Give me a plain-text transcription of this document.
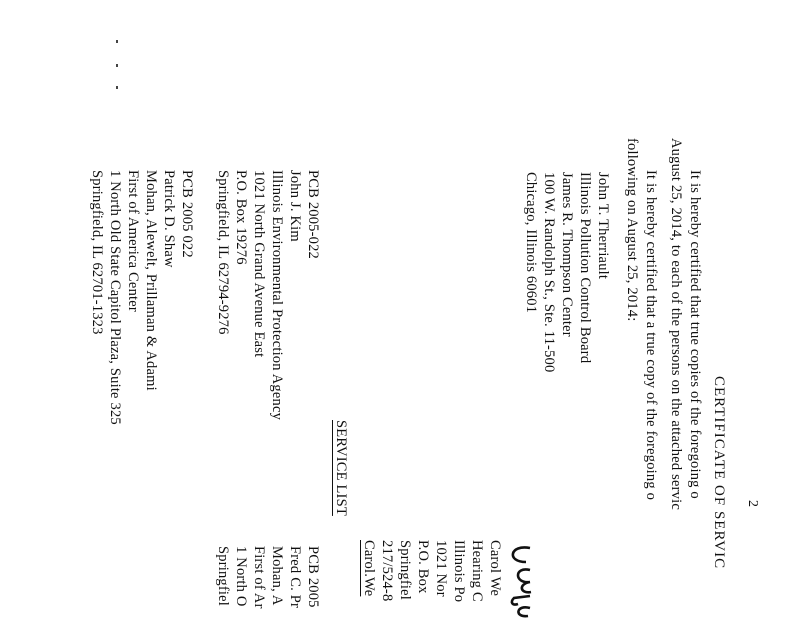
2
CERTIFICATE OF SERVIC
It is hereby certified that true copies of the foregoing o
August 25, 2014, to each of the persons on the attached servic
It is hereby certified that a true copy of the foregoing o
following on August 25, 2014:
John T. Therriault
Illinois Pollution Control Board
James R. Thompson Center
100 W. Randolph St., Ste. 11-500
Chicago, Illinois 60601
Carol We
Hearing C
Illinois Po
1021 Nor
P.O. Box
Springfiel
217/524-8
Carol.We
SERVICE LIST
PCB 2005-022
John J. Kim
Illinois Environmental Protection Agency
1021 North Grand Avenue East
P.O. Box 19276
Springfield, IL 62794-9276
PCB 2005
Fred C. Pr
Mohan, A
First of Ar
1 North O
Springfiel
PCB 2005 022
Patrick D. Shaw
Mohan, Alewelt, Prillaman & Adami
First of America Center
1 North Old State Capitol Plaza, Suite 325
Springfield, IL 62701-1323
